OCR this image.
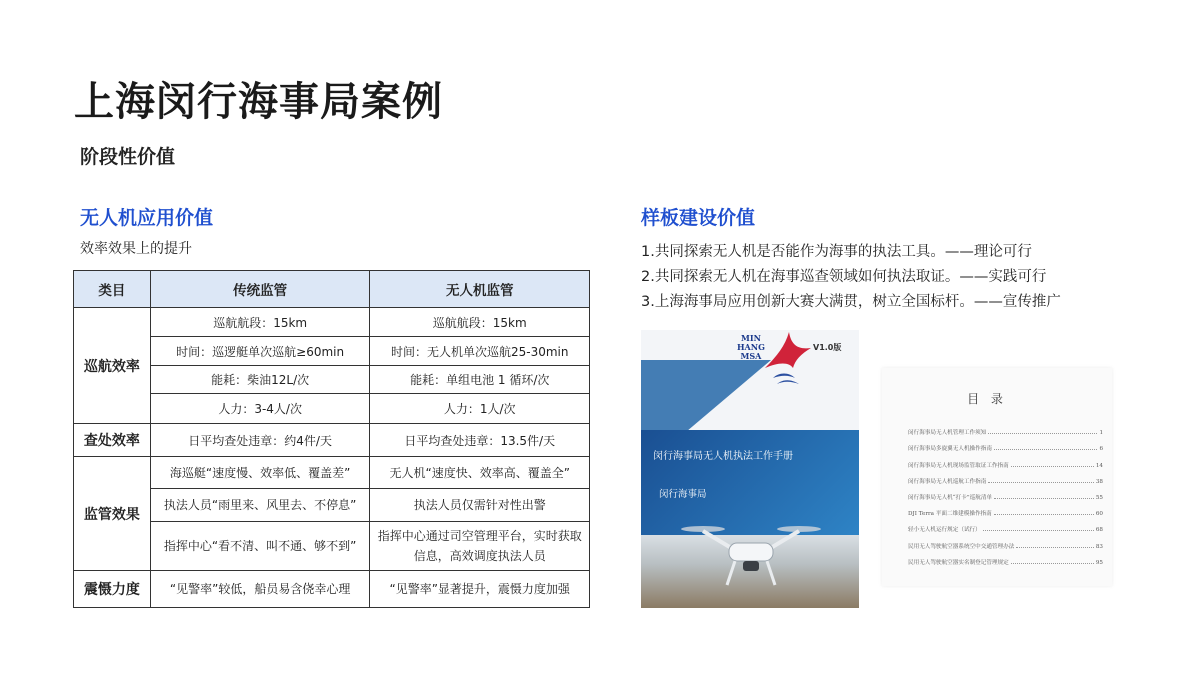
上海闵行海事局案例
阶段性价值
无人机应用价值
效率效果上的提升
类目	传统监管	无人机监管
巡航效率	巡航航段：15km	巡航航段：15km
	时间：巡逻艇单次巡航≥60min	时间：无人机单次巡航25-30min
	能耗：柴油12L/次	能耗：单组电池 1 循环/次
	人力：3-4人/次	人力：1人/次
查处效率	日平均查处违章：约4件/天	日平均查处违章：13.5件/天
监管效果	海巡艇“速度慢、效率低、覆盖差”	无人机“速度快、效率高、覆盖全”
	执法人员“雨里来、风里去、不停息”	执法人员仅需针对性出警
	指挥中心“看不清、叫不通、够不到”	指挥中心通过司空管理平台，实时获取信息，高效调度执法人员
震慑力度	“见警率”较低，船员易含侥幸心理	“见警率”显著提升，震慑力度加强
样板建设价值
1.共同探索无人机是否能作为海事的执法工具。——理论可行
2.共同探索无人机在海事巡查领域如何执法取证。——实践可行
3.上海海事局应用创新大赛大满贯，树立全国标杆。——宣传推广
MIN
HANG
MSA
V1.0版
闵行海事局无人机执法工作手册
闵行海事局
目 录
闵行海事局无人机管理工作须知	1
闵行海事局多旋翼无人机操作指南	6
闵行海事局无人机现场监管取证工作指南	14
闵行海事局无人机巡航工作指南	38
闵行海事局无人机“打卡”巡航清单	55
DJI Terra 平面二维建模操作指南	60
轻小无人机运行规定（试行）	68
民用无人驾驶航空器系统空中交通管理办法	83
民用无人驾驶航空器实名制登记管理规定	95
